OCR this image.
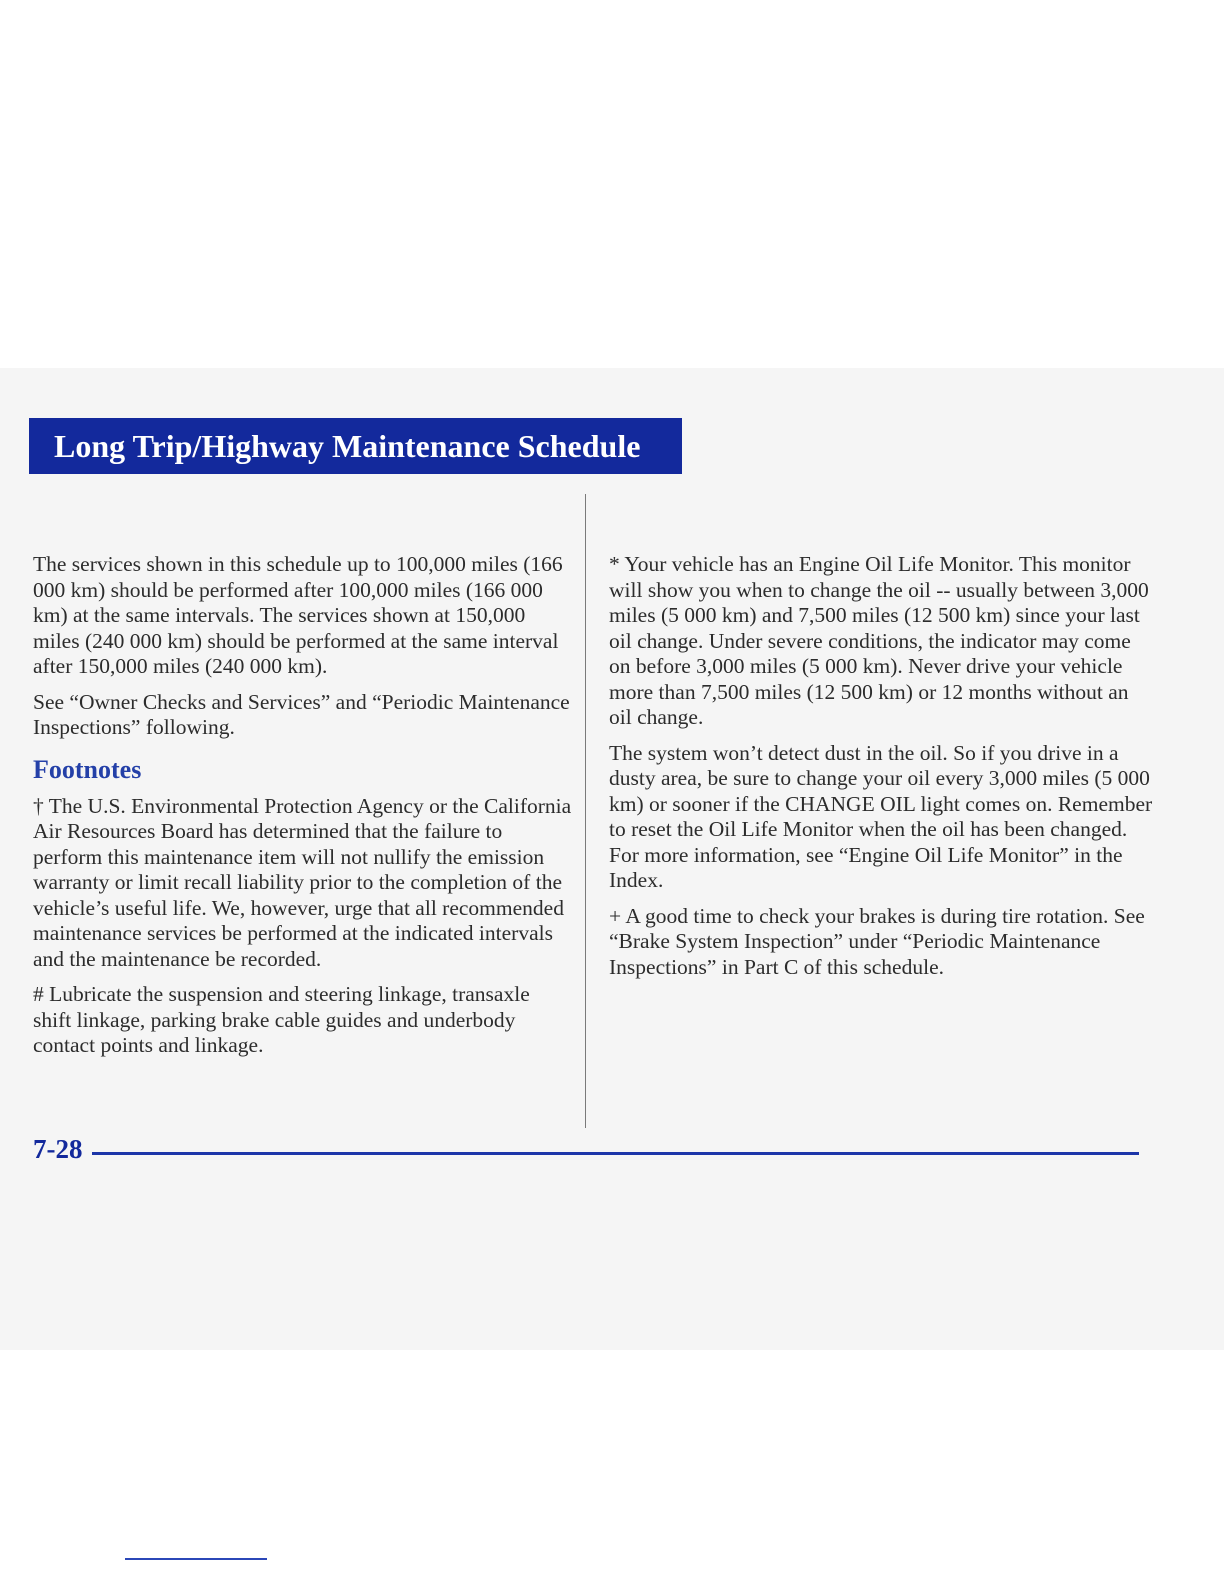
Long Trip/Highway Maintenance Schedule

The services shown in this schedule up to 100,000 miles (166 000 km) should be performed after 100,000 miles (166 000 km) at the same intervals. The services shown at 150,000 miles (240 000 km) should be performed at the same interval after 150,000 miles (240 000 km).

See “Owner Checks and Services” and “Periodic Maintenance Inspections” following.

Footnotes

† The U.S. Environmental Protection Agency or the California Air Resources Board has determined that the failure to perform this maintenance item will not nullify the emission warranty or limit recall liability prior to the completion of the vehicle’s useful life. We, however, urge that all recommended maintenance services be performed at the indicated intervals and the maintenance be recorded.

# Lubricate the suspension and steering linkage, transaxle shift linkage, parking brake cable guides and underbody contact points and linkage.

* Your vehicle has an Engine Oil Life Monitor. This monitor will show you when to change the oil -- usually between 3,000 miles (5 000 km) and 7,500 miles (12 500 km) since your last oil change. Under severe conditions, the indicator may come on before 3,000 miles (5 000 km). Never drive your vehicle more than 7,500 miles (12 500 km) or 12 months without an oil change.

The system won’t detect dust in the oil. So if you drive in a dusty area, be sure to change your oil every 3,000 miles (5 000 km) or sooner if the CHANGE OIL light comes on. Remember to reset the Oil Life Monitor when the oil has been changed. For more information, see “Engine Oil Life Monitor” in the Index.

+ A good time to check your brakes is during tire rotation. See “Brake System Inspection” under “Periodic Maintenance Inspections” in Part C of this schedule.

7-28
